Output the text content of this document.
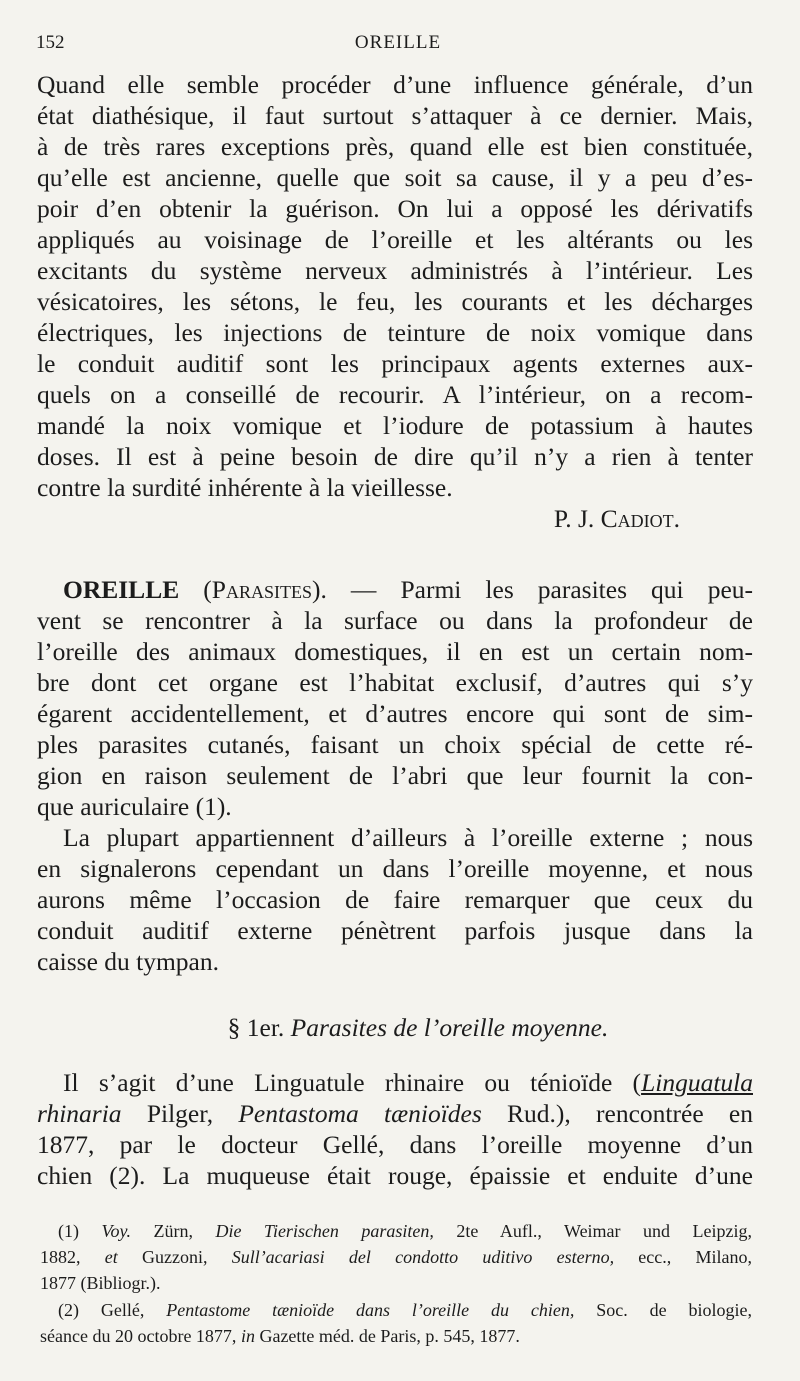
152	OREILLE
Quand elle semble procéder d’une influence générale, d’un
état diathésique, il faut surtout s’attaquer à ce dernier. Mais,
à de très rares exceptions près, quand elle est bien constituée,
qu’elle est ancienne, quelle que soit sa cause, il y a peu d’es-
poir d’en obtenir la guérison. On lui a opposé les dérivatifs
appliqués au voisinage de l’oreille et les altérants ou les
excitants du système nerveux administrés à l’intérieur. Les
vésicatoires, les sétons, le feu, les courants et les décharges
électriques, les injections de teinture de noix vomique dans
le conduit auditif sont les principaux agents externes aux-
quels on a conseillé de recourir. A l’intérieur, on a recom-
mandé la noix vomique et l’iodure de potassium à hautes
doses. Il est à peine besoin de dire qu’il n’y a rien à tenter
contre la surdité inhérente à la vieillesse.
P. J. Cadiot.
OREILLE (Parasites). — Parmi les parasites qui peu-
vent se rencontrer à la surface ou dans la profondeur de
l’oreille des animaux domestiques, il en est un certain nom-
bre dont cet organe est l’habitat exclusif, d’autres qui s’y
égarent accidentellement, et d’autres encore qui sont de sim-
ples parasites cutanés, faisant un choix spécial de cette ré-
gion en raison seulement de l’abri que leur fournit la con-
que auriculaire (1).
La plupart appartiennent d’ailleurs à l’oreille externe ; nous
en signalerons cependant un dans l’oreille moyenne, et nous
aurons même l’occasion de faire remarquer que ceux du
conduit auditif externe pénètrent parfois jusque dans la
caisse du tympan.
§ 1er. Parasites de l’oreille moyenne.
Il s’agit d’une Linguatule rhinaire ou ténioïde (Linguatula
rhinaria Pilger, Pentastoma tænioïdes Rud.), rencontrée en
1877, par le docteur Gellé, dans l’oreille moyenne d’un
chien (2). La muqueuse était rouge, épaissie et enduite d’une
(1) Voy. Zürn, Die Tierischen parasiten, 2te Aufl., Weimar und Leipzig,
1882, et Guzzoni, Sull’acariasi del condotto uditivo esterno, ecc., Milano,
1877 (Bibliogr.).
(2) Gellé, Pentastome tænioïde dans l’oreille du chien, Soc. de biologie,
séance du 20 octobre 1877, in Gazette méd. de Paris, p. 545, 1877.
